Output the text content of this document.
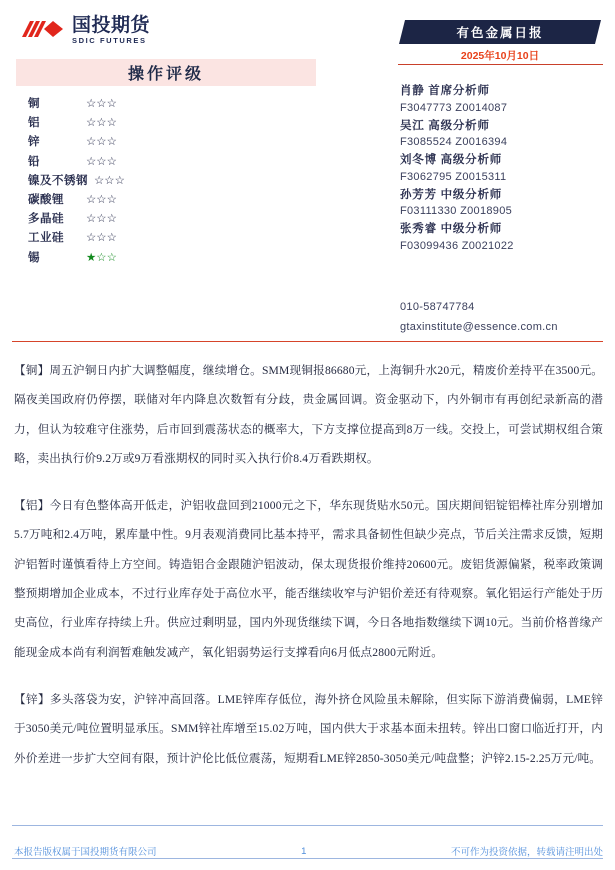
国投期货
SDIC FUTURES
有色金属日报
2025年10月10日
操作评级
铜	☆☆☆
铝	☆☆☆
锌	☆☆☆
铅	☆☆☆
镍及不锈钢 ☆☆☆
碳酸锂	☆☆☆
多晶硅	☆☆☆
工业硅	☆☆☆
锡	★☆☆
肖静 首席分析师
F3047773 Z0014087
吴江 高级分析师
F3085524 Z0016394
刘冬博 高级分析师
F3062795 Z0015311
孙芳芳 中级分析师
F03111330 Z0018905
张秀睿 中级分析师
F03099436 Z0021022
010-58747784
gtaxinstitute@essence.com.cn

【铜】周五沪铜日内扩大调整幅度，继续增仓。SMM现铜报86680元，上海铜升水20元，精废价差持平在3500元。隔夜美国政府仍停摆，联储对年内降息次数暂有分歧，贵金属回调。资金驱动下，内外铜市有再创纪录新高的潜力，但认为较难守住涨势，后市回到震荡状态的概率大，下方支撑位提高到8万一线。交投上，可尝试期权组合策略，卖出执行价9.2万或9万看涨期权的同时买入执行价8.4万看跌期权。

【铝】今日有色整体高开低走，沪铝收盘回到21000元之下，华东现货贴水50元。国庆期间铝锭铝棒社库分别增加5.7万吨和2.4万吨，累库量中性。9月表观消费同比基本持平，需求具备韧性但缺少亮点，节后关注需求反馈，短期沪铝暂时谨慎看待上方空间。铸造铝合金跟随沪铝波动，保太现货报价维持20600元。废铝货源偏紧，税率政策调整预期增加企业成本，不过行业库存处于高位水平，能否继续收窄与沪铝价差还有待观察。氧化铝运行产能处于历史高位，行业库存持续上升。供应过剩明显，国内外现货继续下调，今日各地指数继续下调10元。当前价格普缘产能现金成本尚有利润暂难触发减产，氧化铝弱势运行支撑看向6月低点2800元附近。

【锌】多头落袋为安，沪锌冲高回落。LME锌库存低位，海外挤仓风险虽未解除，但实际下游消费偏弱，LME锌于3050美元/吨位置明显承压。SMM锌社库增至15.02万吨，国内供大于求基本面未扭转。锌出口窗口临近打开，内外价差进一步扩大空间有限，预计沪伦比低位震荡，短期看LME锌2850-3050美元/吨盘整；沪锌2.15-2.25万元/吨。

本报告版权属于国投期货有限公司	1	不可作为投资依据，转载请注明出处
